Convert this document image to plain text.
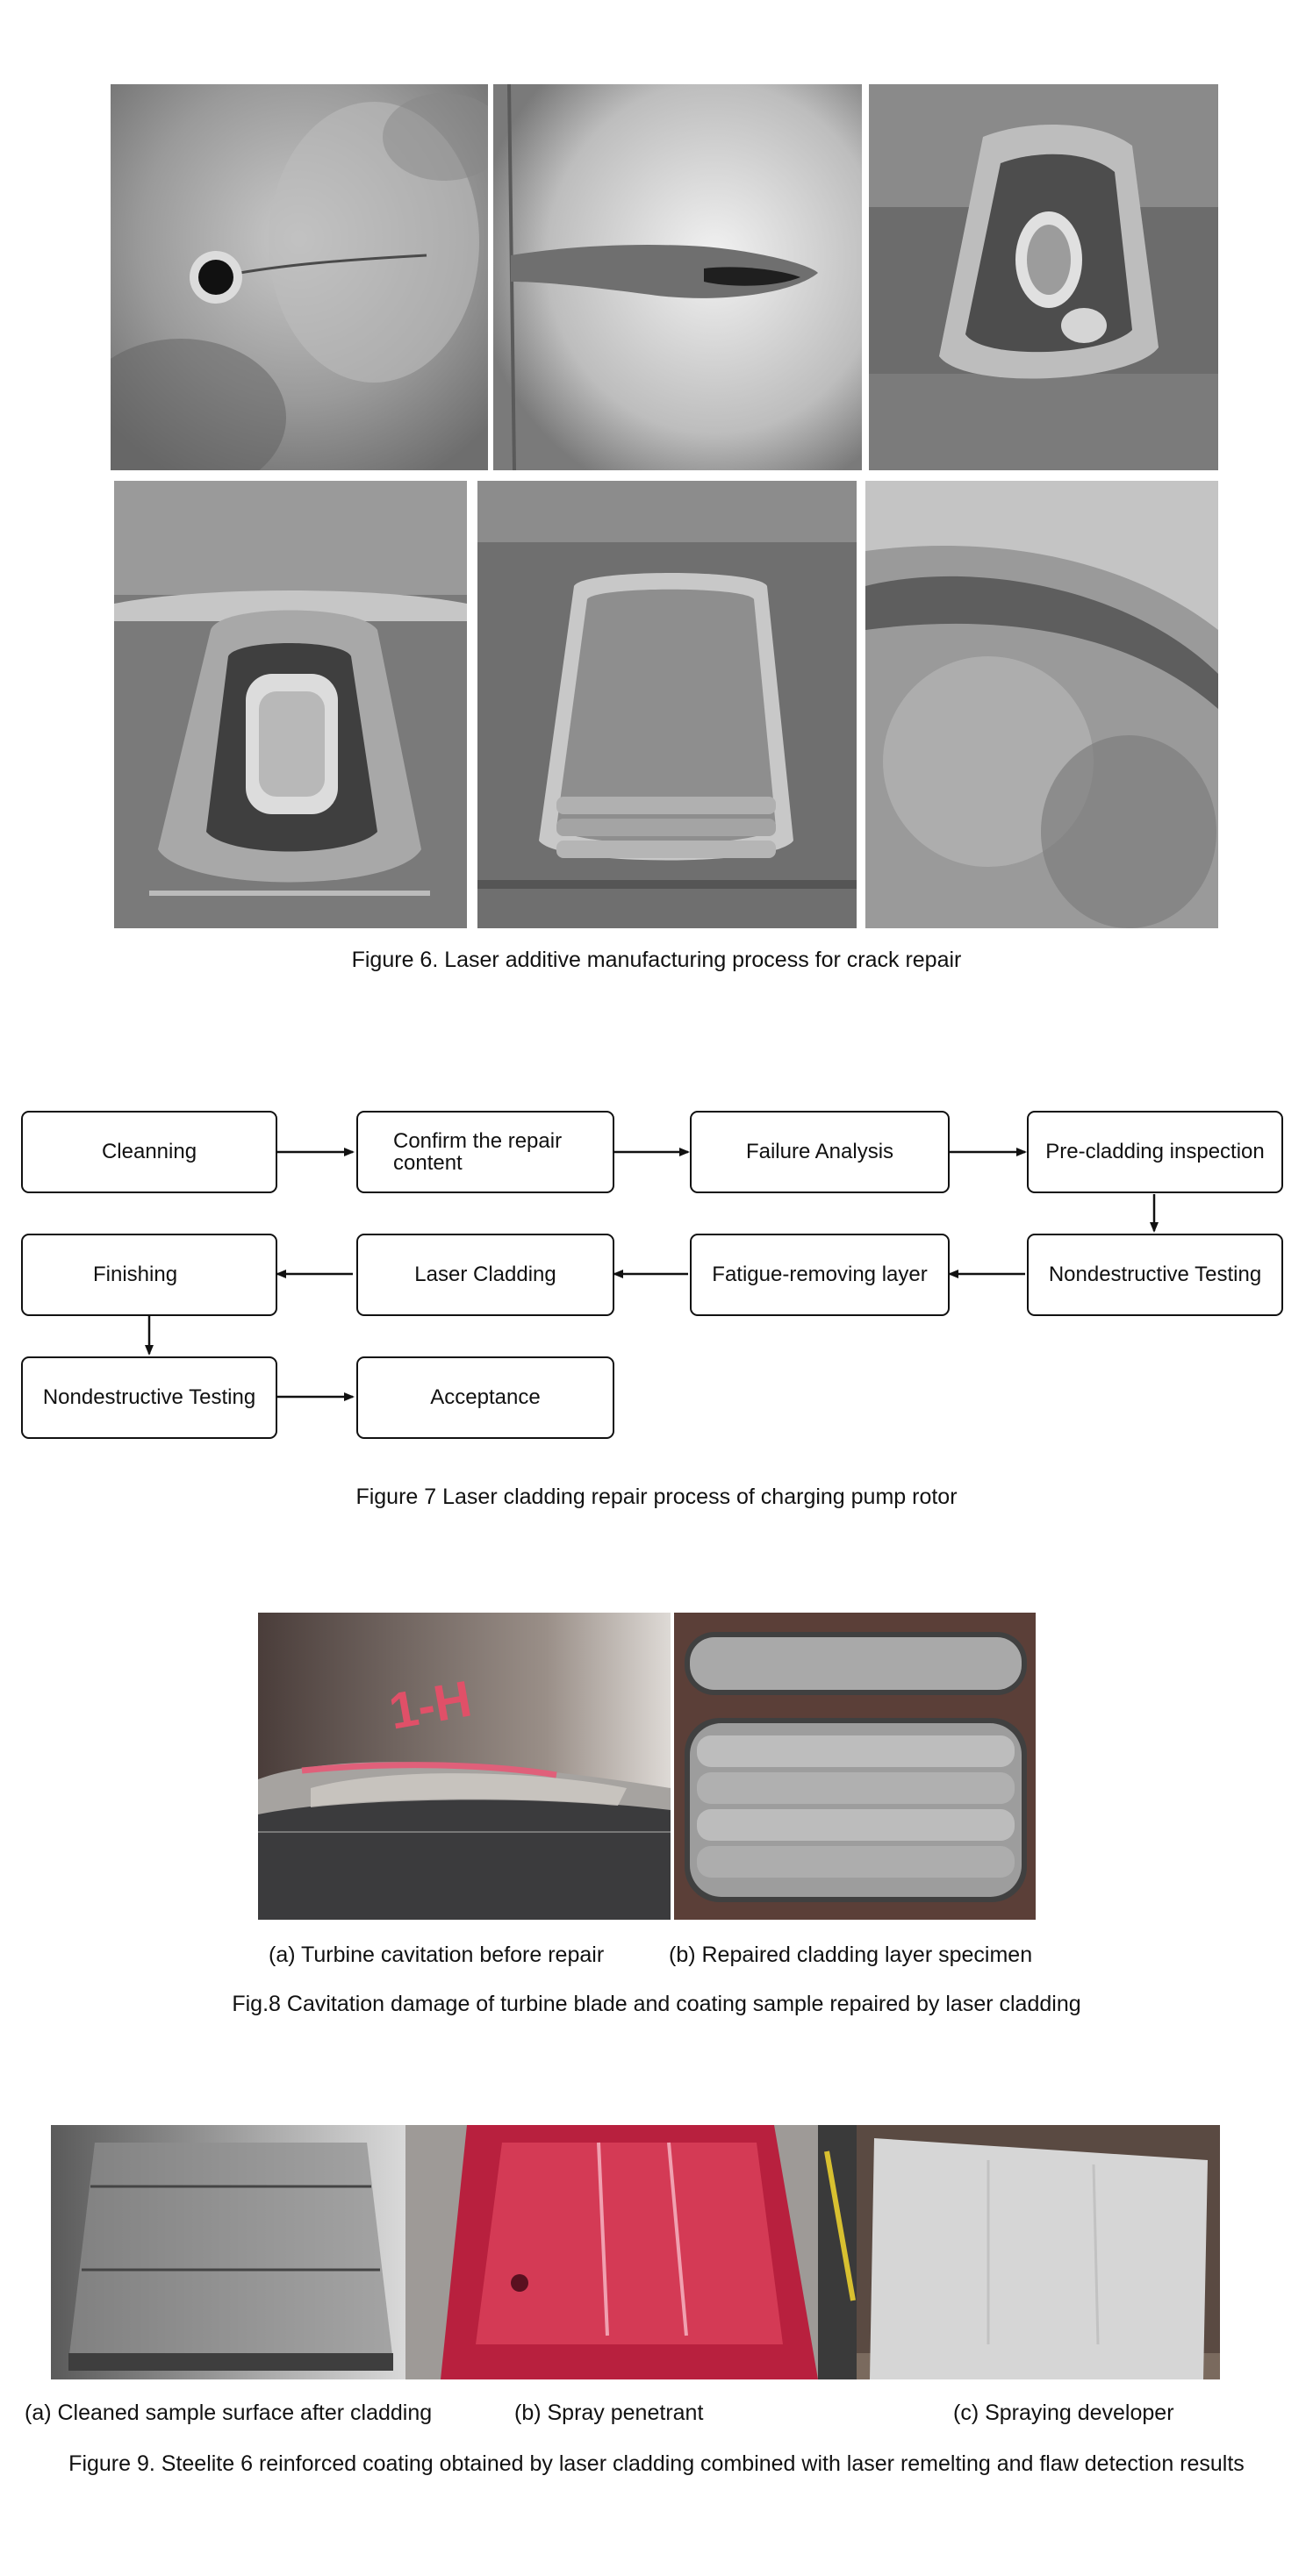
Figure 6. Laser additive manufacturing process for crack repair
Cleanning	Confirm the repair content	Failure Analysis	Pre-cladding inspection
Finishing	Laser Cladding	Fatigue-removing layer	Nondestructive Testing
Nondestructive Testing	Acceptance
Figure 7 Laser cladding repair process of charging pump rotor
1-H
(a) Turbine cavitation before repair	(b) Repaired cladding layer specimen
Fig.8 Cavitation damage of turbine blade and coating sample repaired by laser cladding
(a) Cleaned sample surface after cladding	(b) Spray penetrant	(c) Spraying developer
Figure 9. Steelite 6 reinforced coating obtained by laser cladding combined with laser remelting and flaw detection results
